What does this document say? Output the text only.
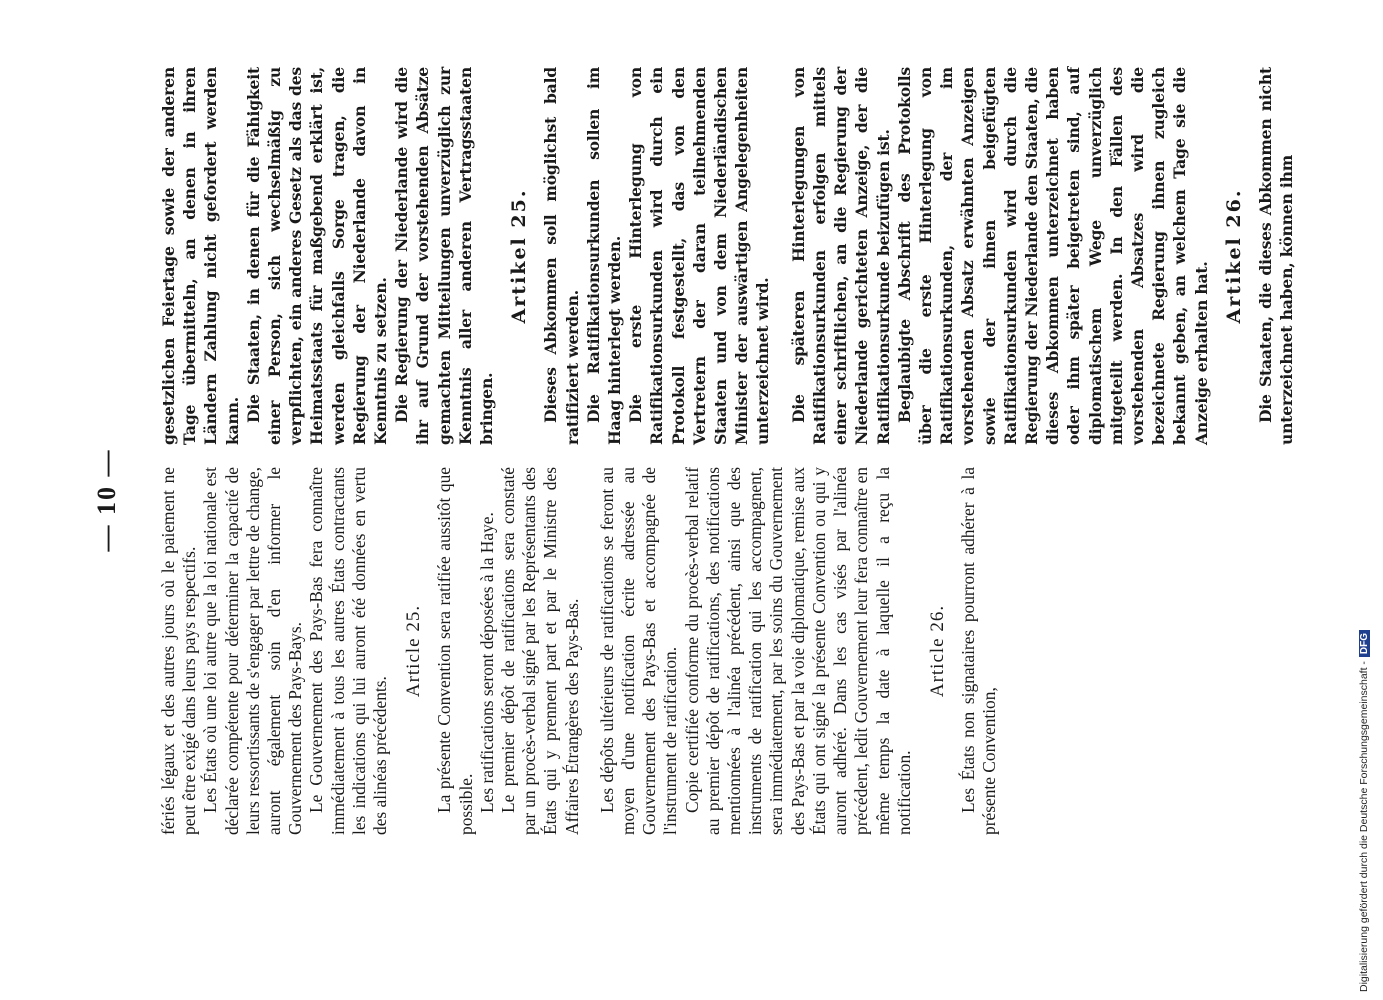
— 10 — fériés légaux et des autres jours où le paiement ne peut être exigé dans leurs pays respectifs. Les États où une loi autre que la loi nationale est déclarée compétente pour déterminer la capacité de leurs ressortissants de s'engager par lettre de change, auront également soin d'en informer le Gouvernement des Pays-Bays. Le Gouvernement des Pays-Bas fera connaître immédiatement à tous les autres États contractants les indications qui lui auront été données en vertu des alinéas précédents.

Article 25. La présente Convention sera ratifiée aussitôt que possible. Les ratifications seront déposées à la Haye. Le premier dépôt de ratifications sera constaté par un procès-verbal signé par les Représentants des États qui y prennent part et par le Ministre des Affaires Étrangères des Pays-Bas. Les dépôts ultérieurs de ratifications se feront au moyen d'une notification écrite adressée au Gouvernement des Pays-Bas et accompagnée de l'instrument de ratification. Copie certifiée conforme du procès-verbal relatif au premier dépôt de ratifications, des notifications mentionnées à l'alinéa précédent, ainsi que des instruments de ratification qui les accompagnent, sera immédiatement, par les soins du Gouvernement des Pays-Bas et par la voie diplomatique, remise aux États qui ont signé la présente Convention ou qui y auront adhéré. Dans les cas visés par l'alinéa précédent, ledit Gouvernement leur fera connaître en même temps la date à laquelle il a reçu la notification.

Article 26. Les États non signataires pourront adhérer à la présente Convention,

gesetzlichen Feiertage sowie der anderen Tage übermitteln, an denen in ihren Ländern Zahlung nicht gefordert werden kann. Die Staaten, in denen für die Fähigkeit einer Person, sich wechselmäßig zu verpflichten, ein anderes Gesetz als das des Heimatsstaats für maßgebend erklärt ist, werden gleichfalls Sorge tragen, die Regierung der Niederlande davon in Kenntnis zu setzen. Die Regierung der Niederlande wird die ihr auf Grund der vorstehenden Absätze gemachten Mitteilungen unverzüglich zur Kenntnis aller anderen Vertragsstaaten bringen.

Artikel 25. Dieses Abkommen soll möglichst bald ratifiziert werden. Die Ratifikationsurkunden sollen im Haag hinterlegt werden. Die erste Hinterlegung von Ratifikationsurkunden wird durch ein Protokoll festgestellt, das von den Vertretern der daran teilnehmenden Staaten und von dem Niederländischen Minister der auswärtigen Angelegenheiten unterzeichnet wird. Die späteren Hinterlegungen von Ratifikationsurkunden erfolgen mittels einer schriftlichen, an die Regierung der Niederlande gerichteten Anzeige, der die Ratifikationsurkunde beizufügen ist. Beglaubigte Abschrift des Protokolls über die erste Hinterlegung von Ratifikationsurkunden, der im vorstehenden Absatz erwähnten Anzeigen sowie der ihnen beigefügten Ratifikationsurkunden wird durch die Regierung der Niederlande den Staaten, die dieses Abkommen unterzeichnet haben oder ihm später beigetreten sind, auf diplomatischem Wege unverzüglich mitgeteilt werden. In den Fällen des vorstehenden Absatzes wird die bezeichnete Regierung ihnen zugleich bekannt geben, an welchem Tage sie die Anzeige erhalten hat.

Artikel 26. Die Staaten, die dieses Abkommen nicht unterzeichnet haben, können ihm

Digitalisierung gefördert durch die Deutsche Forschungsgemeinschaft -DFG
